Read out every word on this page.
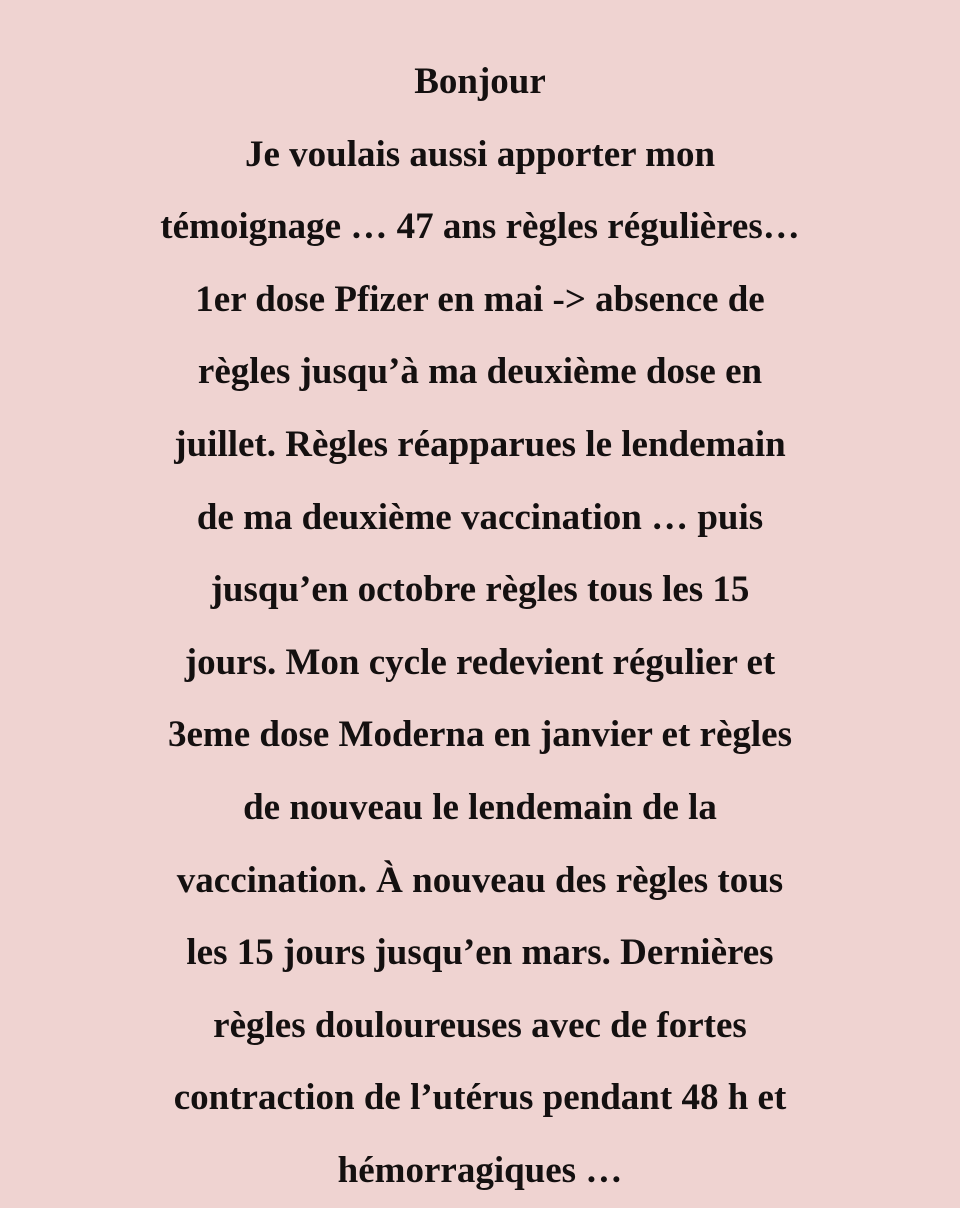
Bonjour
Je voulais aussi apporter mon
témoignage … 47 ans règles régulières…
1er dose Pfizer en mai -> absence de
règles jusqu’à ma deuxième dose en
juillet. Règles réapparues le lendemain
de ma deuxième vaccination … puis
jusqu’en octobre règles tous les 15
jours. Mon cycle redevient régulier et
3eme dose Moderna en janvier et règles
de nouveau le lendemain de la
vaccination. À nouveau des règles tous
les 15 jours jusqu’en mars. Dernières
règles douloureuses avec de fortes
contraction de l’utérus pendant 48 h et
hémorragiques …
